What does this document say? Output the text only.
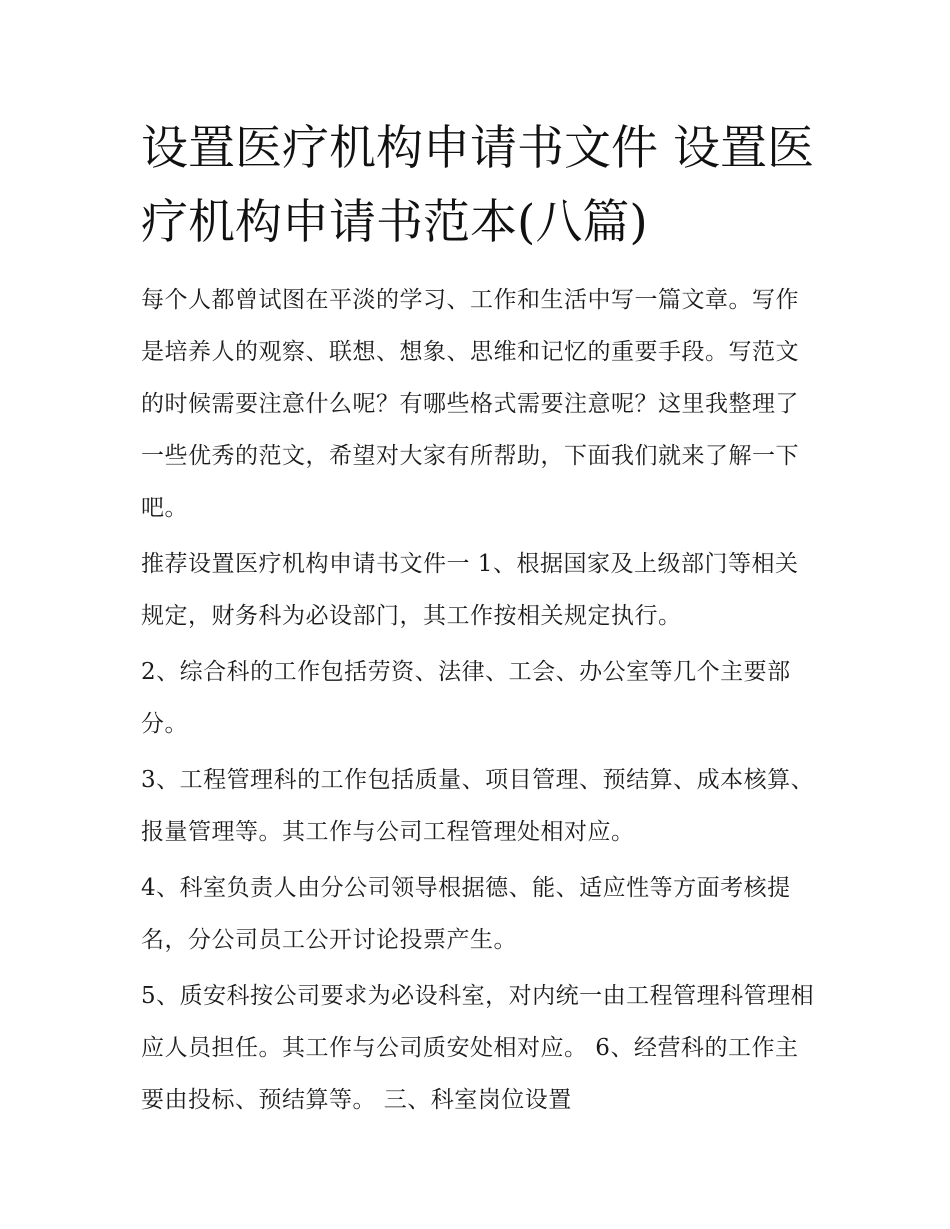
设置医疗机构申请书文件 设置医疗机构申请书范本(八篇)

每个人都曾试图在平淡的学习、工作和生活中写一篇文章。写作是培养人的观察、联想、想象、思维和记忆的重要手段。写范文的时候需要注意什么呢？有哪些格式需要注意呢？这里我整理了一些优秀的范文，希望对大家有所帮助，下面我们就来了解一下吧。

推荐设置医疗机构申请书文件一 1、根据国家及上级部门等相关规定，财务科为必设部门，其工作按相关规定执行。

2、综合科的工作包括劳资、法律、工会、办公室等几个主要部分。

3、工程管理科的工作包括质量、项目管理、预结算、成本核算、报量管理等。其工作与公司工程管理处相对应。

4、科室负责人由分公司领导根据德、能、适应性等方面考核提名，分公司员工公开讨论投票产生。

5、质安科按公司要求为必设科室，对内统一由工程管理科管理相应人员担任。其工作与公司质安处相对应。 6、经营科的工作主要由投标、预结算等。 三、科室岗位设置
